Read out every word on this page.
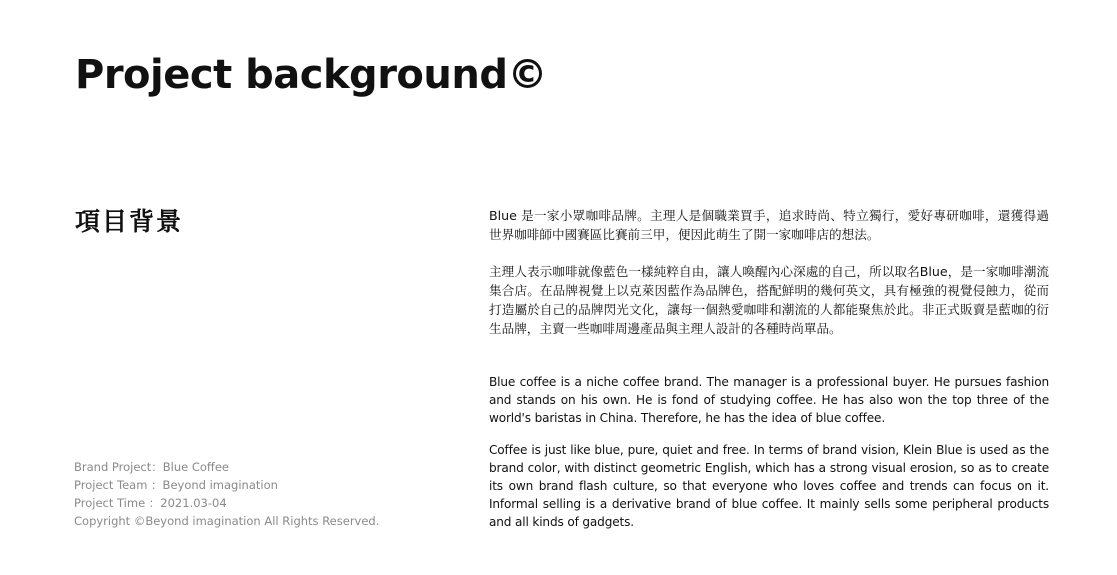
Project background©
項目背景
Brand Project：Blue Coffee
Project Team ：Beyond imagination
Project Time ：2021.03-04
Copyright ©Beyond imagination All Rights Reserved.

Blue 是一家小眾咖啡品牌。主理人是個職業買手，追求時尚、特立獨行，愛好專研咖啡，還獲得過世界咖啡師中國賽區比賽前三甲，便因此萌生了開一家咖啡店的想法。

主理人表示咖啡就像藍色一樣純粹自由，讓人喚醒內心深處的自己，所以取名Blue，是一家咖啡潮流集合店。在品牌視覺上以克萊因藍作為品牌色，搭配鮮明的幾何英文，具有極強的視覺侵蝕力，從而打造屬於自己的品牌閃光文化，讓每一個熱愛咖啡和潮流的人都能聚焦於此。非正式販賣是藍咖的衍生品牌，主賣一些咖啡周邊產品與主理人設計的各種時尚單品。

Blue coffee is a niche coffee brand. The manager is a professional buyer. He pursues fashion and stands on his own. He is fond of studying coffee. He has also won the top three of the world's baristas in China. Therefore, he has the idea of blue coffee.

Coffee is just like blue, pure, quiet and free. In terms of brand vision, Klein Blue is used as the brand color, with distinct geometric English, which has a strong visual erosion, so as to create its own brand flash culture, so that everyone who loves coffee and trends can focus on it. Informal selling is a derivative brand of blue coffee. It mainly sells some peripheral products and all kinds of gadgets.
